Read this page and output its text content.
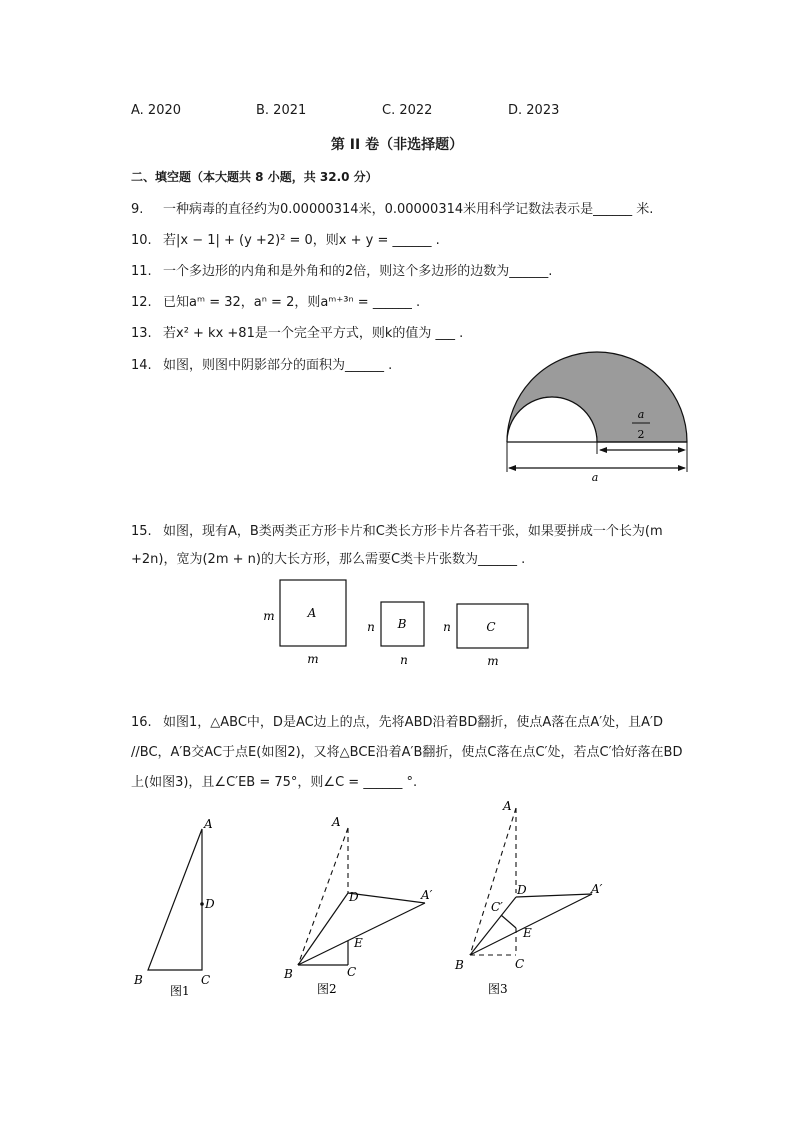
A. 2020	B. 2021	C. 2022	D. 2023
第 II 卷（非选择题）
二、填空题（本大题共 8 小题，共 32.0 分）
9. 一种病毒的直径约为0.00000314米，0.00000314米用科学记数法表示是______ 米.
10. 若|x − 1| + (y +2)² = 0，则x + y = ______ .
11. 一个多边形的内角和是外角和的2倍，则这个多边形的边数为______.
12. 已知aᵐ = 32，aⁿ = 2，则aᵐ⁺³ⁿ = ______ .
13. 若x² + kx +81是一个完全平方式，则k的值为 ___ .
14. 如图，则图中阴影部分的面积为______ .
a
2
a
15. 如图，现有A，B类两类正方形卡片和C类长方形卡片各若干张，如果要拼成一个长为(m +2n)，宽为(2m + n)的大长方形，那么需要C类卡片张数为______ .
A
m
m
B
n
n
C
n
m
16. 如图1，△ABC中，D是AC边上的点，先将ABD沿着BD翻折，使点A落在点A′处，且A′D //BC，A′B交AC于点E(如图2)，又将△BCE沿着A′B翻折，使点C落在点C′处，若点C′恰好落在BD上(如图3)，且∠C′EB = 75°，则∠C = ______ °.
A
D
B	C
图1
A
D	A′
E
B	C
图2
A
D	A′
C′
E
B	C
图3
